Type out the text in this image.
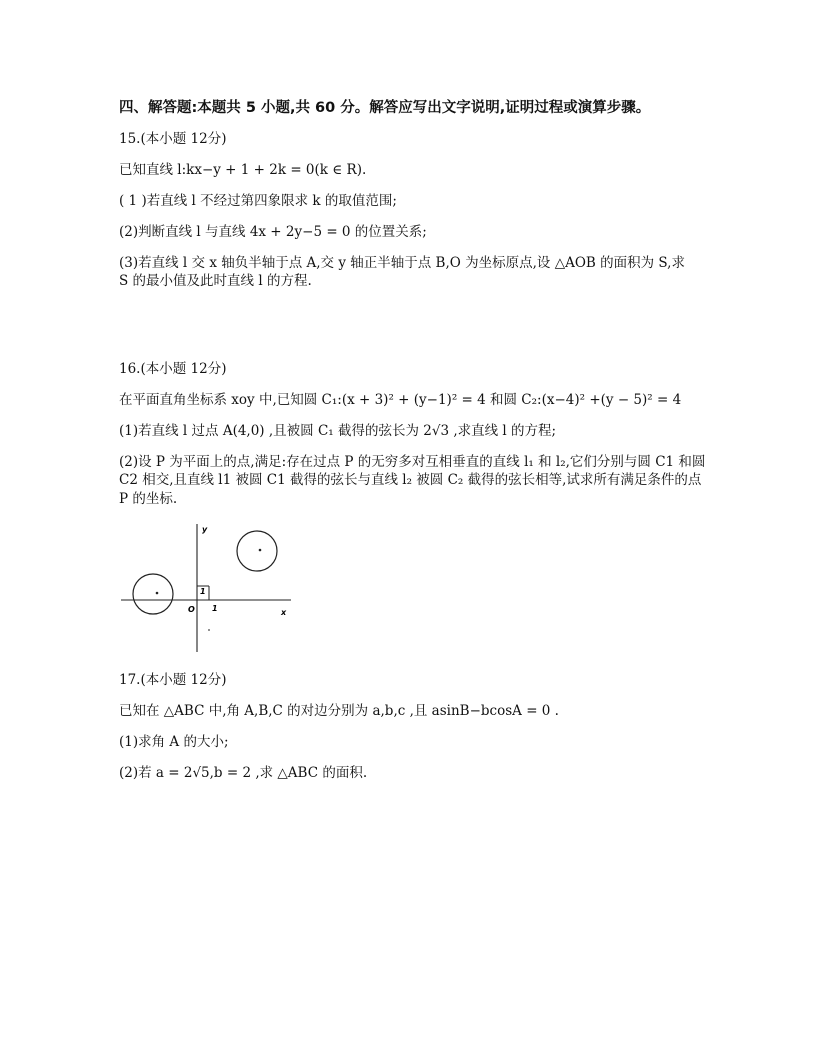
四、解答题:本题共 5 小题,共 60 分。解答应写出文字说明,证明过程或演算步骤。
15.(本小题 12分)
已知直线 l:kx−y + 1 + 2k = 0(k ∈ R).
( 1 )若直线 l 不经过第四象限求 k 的取值范围;
(2)判断直线 l 与直线 4x + 2y−5 = 0 的位置关系;
(3)若直线 l 交 x 轴负半轴于点 A,交 y 轴正半轴于点 B,O 为坐标原点,设 △AOB 的面积为 S,求
S 的最小值及此时直线 l 的方程.
16.(本小题 12分)
在平面直角坐标系 xoy 中,已知圆 C₁:(x + 3)² + (y−1)² = 4 和圆 C₂:(x−4)² +(y − 5)² = 4
(1)若直线 l 过点 A(4,0) ,且被圆 C₁ 截得的弦长为 2√3 ,求直线 l 的方程;
(2)设 P 为平面上的点,满足:存在过点 P 的无穷多对互相垂直的直线 l₁ 和 l₂,它们分别与圆 C1 和圆
C2 相交,且直线 l1 被圆 C1 截得的弦长与直线 l₂ 被圆 C₂ 截得的弦长相等,试求所有满足条件的点
P 的坐标.
y
x
O 1
1
17.(本小题 12分)
已知在 △ABC 中,角 A,B,C 的对边分别为 a,b,c ,且 asinB−bcosA = 0 .
(1)求角 A 的大小;
(2)若 a = 2√5,b = 2 ,求 △ABC 的面积.
